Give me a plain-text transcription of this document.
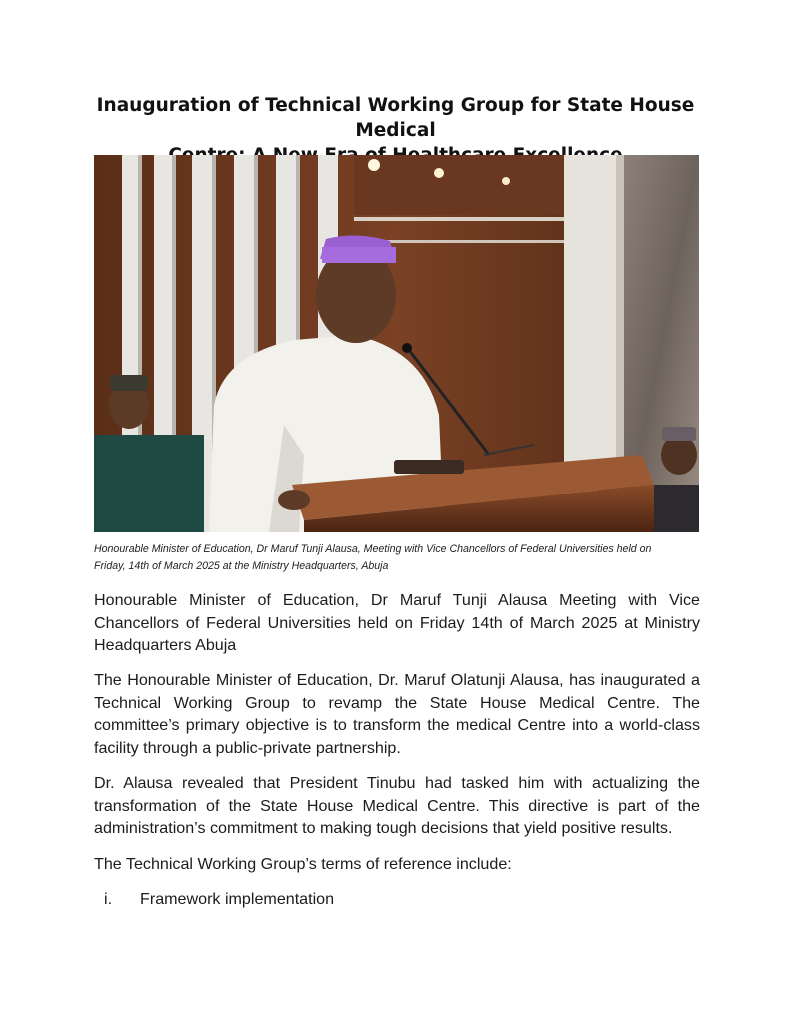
Inauguration of Technical Working Group for State House Medical
Honourable Minister of Education, Dr Maruf Tunji Alausa, Meeting with Vice Chancellors of Federal Universities held on
Friday, 14th of March 2025 at the Ministry Headquarters, Abuja

Honourable Minister of Education, Dr Maruf Tunji Alausa Meeting with Vice Chancellors of Federal Universities held on Friday 14th of March 2025 at Ministry Headquarters Abuja

The Honourable Minister of Education, Dr. Maruf Olatunji Alausa, has inaugurated a Technical Working Group to revamp the State House Medical Centre. The committee’s primary objective is to transform the medical Centre into a world-class facility through a public-private partnership.

Dr. Alausa revealed that President Tinubu had tasked him with actualizing the transformation of the State House Medical Centre. This directive is part of the administration’s commitment to making tough decisions that yield positive results.

The Technical Working Group’s terms of reference include:

i. Framework implementation
